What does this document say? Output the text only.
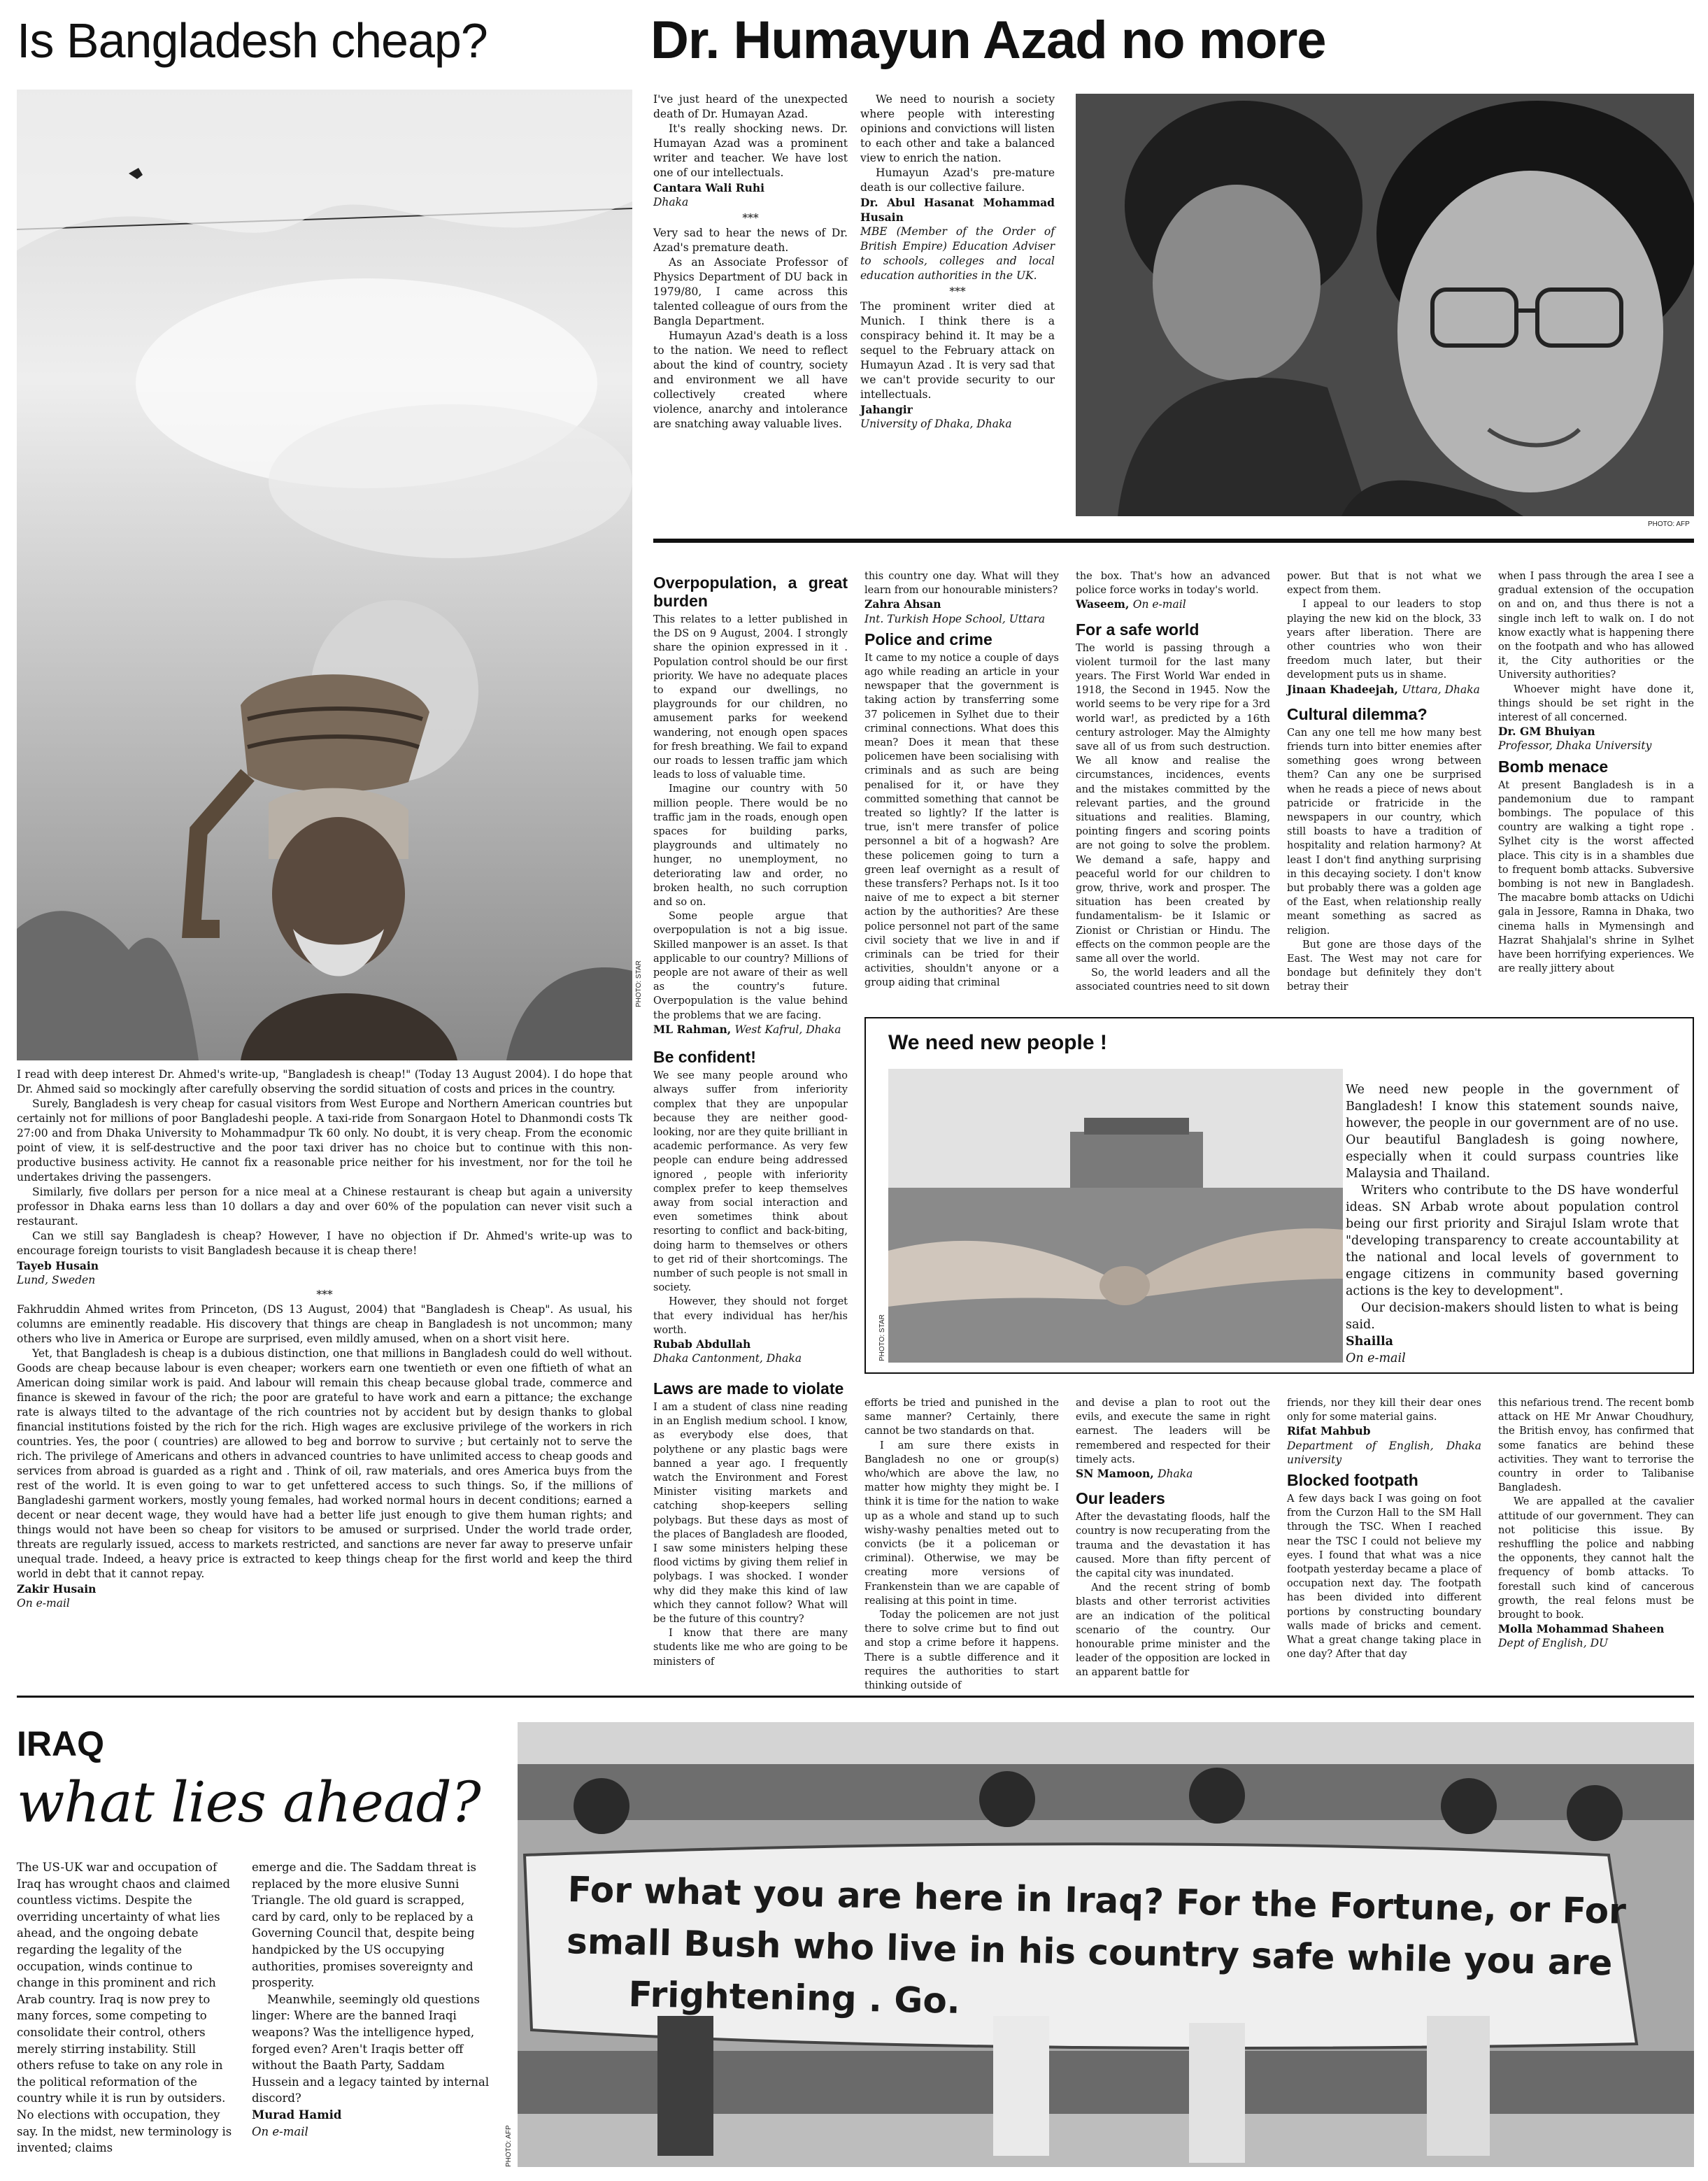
Is Bangladesh cheap?	Dr. Humayun Azad no more
PHOTO: STAR

I read with deep interest Dr. Ahmed's write-up, "Bangladesh is cheap!" (Today 13 August 2004). I do hope that Dr. Ahmed said so mockingly after carefully observing the sordid situation of costs and prices in the country.

Surely, Bangladesh is very cheap for casual visitors from West Europe and Northern American countries but certainly not for millions of poor Bangladeshi people. A taxi-ride from Sonargaon Hotel to Dhanmondi costs Tk 27:00 and from Dhaka University to Mohammadpur Tk 60 only. No doubt, it is very cheap. From the economic point of view, it is self-destructive and the poor taxi driver has no choice but to continue with this non-productive business activity. He cannot fix a reasonable price neither for his investment, nor for the toil he undertakes driving the passengers.

Similarly, five dollars per person for a nice meal at a Chinese restaurant is cheap but again a university professor in Dhaka earns less than 10 dollars a day and over 60% of the population can never visit such a restaurant.

Can we still say Bangladesh is cheap? However, I have no objection if Dr. Ahmed's write-up was to encourage foreign tourists to visit Bangladesh because it is cheap there!

Tayeb Husain

Lund, Sweden

***

Fakhruddin Ahmed writes from Princeton, (DS 13 August, 2004) that "Bangladesh is Cheap". As usual, his columns are eminently readable. His discovery that things are cheap in Bangladesh is not uncommon; many others who live in America or Europe are surprised, even mildly amused, when on a short visit here.

Yet, that Bangladesh is cheap is a dubious distinction, one that millions in Bangladesh could do well without. Goods are cheap because labour is even cheaper; workers earn one twentieth or even one fiftieth of what an American doing similar work is paid. And labour will remain this cheap because global trade, commerce and finance is skewed in favour of the rich; the poor are grateful to have work and earn a pittance; the exchange rate is always tilted to the advantage of the rich countries not by accident but by design thanks to global financial institutions foisted by the rich for the rich. High wages are exclusive privilege of the workers in rich countries. Yes, the poor ( countries) are allowed to beg and borrow to survive ; but certainly not to serve the rich. The privilege of Americans and others in advanced countries to have unlimited access to cheap goods and services from abroad is guarded as a right and . Think of oil, raw materials, and ores America buys from the rest of the world. It is even going to war to get unfettered access to such things. So, if the millions of Bangladeshi garment workers, mostly young females, had worked normal hours in decent conditions; earned a decent or near decent wage, they would have had a better life just enough to give them human rights; and things would not have been so cheap for visitors to be amused or surprised. Under the world trade order, threats are regularly issued, access to markets restricted, and sanctions are never far away to preserve unfair unequal trade. Indeed, a heavy price is extracted to keep things cheap for the first world and keep the third world in debt that it cannot repay.

Zakir Husain

On e-mail

I've just heard of the unexpected death of Dr. Humayan Azad.

It's really shocking news. Dr. Humayan Azad was a prominent writer and teacher. We have lost one of our intellectuals.

Cantara Wali Ruhi

Dhaka

***

Very sad to hear the news of Dr. Azad's premature death.

As an Associate Professor of Physics Department of DU back in 1979/80, I came across this talented colleague of ours from the Bangla Department.

Humayun Azad's death is a loss to the nation. We need to reflect about the kind of country, society and environment we all have collectively created where violence, anarchy and intolerance are snatching away valuable lives.

We need to nourish a society where people with interesting opinions and convictions will listen to each other and take a balanced view to enrich the nation.

Humayun Azad's pre-mature death is our collective failure.

Dr. Abul Hasanat Mohammad Husain

MBE (Member of the Order of British Empire) Education Adviser to schools, colleges and local education authorities in the UK.

***

The prominent writer died at Munich. I think there is a conspiracy behind it. It may be a sequel to the February attack on Humayun Azad . It is very sad that we can't provide security to our intellectuals.

Jahangir

University of Dhaka, Dhaka

PHOTO: AFP
Overpopulation, a great burden

This relates to a letter published in the DS on 9 August, 2004. I strongly share the opinion expressed in it . Population control should be our first priority. We have no adequate places to expand our dwellings, no playgrounds for our children, no amusement parks for weekend wandering, not enough open spaces for fresh breathing. We fail to expand our roads to lessen traffic jam which leads to loss of valuable time.

Imagine our country with 50 million people. There would be no traffic jam in the roads, enough open spaces for building parks, playgrounds and ultimately no hunger, no unemployment, no deteriorating law and order, no broken health, no such corruption and so on.

Some people argue that overpopulation is not a big issue. Skilled manpower is an asset. Is that applicable to our country? Millions of people are not aware of their as well as the country's future. Overpopulation is the value behind the problems that we are facing.

ML Rahman, West Kafrul, Dhaka

Be confident!

We see many people around who always suffer from inferiority complex that they are unpopular because they are neither good-looking, nor are they quite brilliant in academic performance. As very few people can endure being addressed ignored , people with inferiority complex prefer to keep themselves away from social interaction and even sometimes think about resorting to conflict and back-biting, doing harm to themselves or others to get rid of their shortcomings. The number of such people is not small in society.

However, they should not forget that every individual has her/his worth.

Rubab Abdullah

Dhaka Cantonment, Dhaka

this country one day. What will they learn from our honourable ministers?

Zahra Ahsan

Int. Turkish Hope School, Uttara

Police and crime

It came to my notice a couple of days ago while reading an article in your newspaper that the government is taking action by transferring some 37 policemen in Sylhet due to their criminal connections. What does this mean? Does it mean that these policemen have been socialising with criminals and as such are being penalised for it, or have they committed something that cannot be treated so lightly? If the latter is true, isn't mere transfer of police personnel a bit of a hogwash? Are these policemen going to turn a green leaf overnight as a result of these transfers? Perhaps not. Is it too naive of me to expect a bit sterner action by the authorities? Are these police personnel not part of the same civil society that we live in and if criminals can be tried for their activities, shouldn't anyone or a group aiding that criminal

the box. That's how an advanced police force works in today's world.

Waseem, On e-mail

For a safe world

The world is passing through a violent turmoil for the last many years. The First World War ended in 1918, the Second in 1945. Now the world seems to be very ripe for a 3rd world war!, as predicted by a 16th century astrologer. May the Almighty save all of us from such destruction. We all know and realise the circumstances, incidences, events and the mistakes committed by the relevant parties, and the ground situations and realities. Blaming, pointing fingers and scoring points are not going to solve the problem. We demand a safe, happy and peaceful world for our children to grow, thrive, work and prosper. The situation has been created by fundamentalism- be it Islamic or Zionist or Christian or Hindu. The effects on the common people are the same all over the world.

So, the world leaders and all the associated countries need to sit down

power. But that is not what we expect from them.

I appeal to our leaders to stop playing the new kid on the block, 33 years after liberation. There are other countries who won their freedom much later, but their development puts us in shame.

Jinaan Khadeejah, Uttara, Dhaka

Cultural dilemma?

Can any one tell me how many best friends turn into bitter enemies after something goes wrong between them? Can any one be surprised when he reads a piece of news about patricide or fratricide in the newspapers in our country, which still boasts to have a tradition of hospitality and relation harmony? At least I don't find anything surprising in this decaying society. I don't know but probably there was a golden age of the East, when relationship really meant something as sacred as religion.

But gone are those days of the East. The West may not care for bondage but definitely they don't betray their

when I pass through the area I see a gradual extension of the occupation on and on, and thus there is not a single inch left to walk on. I do not know exactly what is happening there on the footpath and who has allowed it, the City authorities or the University authorities?

Whoever might have done it, things should be set right in the interest of all concerned.

Dr. GM Bhuiyan

Professor, Dhaka University

Bomb menace

At present Bangladesh is in a pandemonium due to rampant bombings. The populace of this country are walking a tight rope . Sylhet city is the worst affected place. This city is in a shambles due to frequent bomb attacks. Subversive bombing is not new in Bangladesh. The macabre bomb attacks on Udichi gala in Jessore, Ramna in Dhaka, two cinema halls in Mymensingh and Hazrat Shahjalal's shrine in Sylhet have been horrifying experiences. We are really jittery about

We need new people !
PHOTO: STAR

We need new people in the government of Bangladesh! I know this statement sounds naive, however, the people in our government are of no use. Our beautiful Bangladesh is going nowhere, especially when it could surpass countries like Malaysia and Thailand.

Writers who contribute to the DS have wonderful ideas. SN Arbab wrote about population control being our first priority and Sirajul Islam wrote that "developing transparency to create accountability at the national and local levels of government to engage citizens in community based governing actions is the key to development".

Our decision-makers should listen to what is being said.

Shailla

On e-mail

Laws are made to violate

I am a student of class nine reading in an English medium school. I know, as everybody else does, that polythene or any plastic bags were banned a year ago. I frequently watch the Environment and Forest Minister visiting markets and catching shop-keepers selling polybags. But these days as most of the places of Bangladesh are flooded, I saw some ministers helping these flood victims by giving them relief in polybags. I was shocked. I wonder why did they make this kind of law which they cannot follow? What will be the future of this country?

I know that there are many students like me who are going to be ministers of

efforts be tried and punished in the same manner? Certainly, there cannot be two standards on that.

I am sure there exists in Bangladesh no one or group(s) who/which are above the law, no matter how mighty they might be. I think it is time for the nation to wake up as a whole and stand up to such wishy-washy penalties meted out to convicts (be it a policeman or criminal). Otherwise, we may be creating more versions of Frankenstein than we are capable of realising at this point in time.

Today the policemen are not just there to solve crime but to find out and stop a crime before it happens. There is a subtle difference and it requires the authorities to start thinking outside of

and devise a plan to root out the evils, and execute the same in right earnest. The leaders will be remembered and respected for their timely acts.

SN Mamoon, Dhaka

Our leaders

After the devastating floods, half the country is now recuperating from the trauma and the devastation it has caused. More than fifty percent of the capital city was inundated.

And the recent string of bomb blasts and other terrorist activities are an indication of the political scenario of the country. Our honourable prime minister and the leader of the opposition are locked in an apparent battle for

friends, nor they kill their dear ones only for some material gains.

Rifat Mahbub

Department of English, Dhaka university

Blocked footpath

A few days back I was going on foot from the Curzon Hall to the SM Hall through the TSC. When I reached near the TSC I could not believe my eyes. I found that what was a nice footpath yesterday became a place of occupation next day. The footpath has been divided into different portions by constructing boundary walls made of bricks and cement. What a great change taking place in one day? After that day

this nefarious trend. The recent bomb attack on HE Mr Anwar Choudhury, the British envoy, has confirmed that some fanatics are behind these activities. They want to terrorise the country in order to Talibanise Bangladesh.

We are appalled at the cavalier attitude of our government. They can not politicise this issue. By reshuffling the police and nabbing the opponents, they cannot halt the frequency of bomb attacks. To forestall such kind of cancerous growth, the real felons must be brought to book.

Molla Mohammad Shaheen

Dept of English, DU

IRAQ
what lies ahead?

The US-UK war and occupation of Iraq has wrought chaos and claimed countless victims. Despite the overriding uncertainty of what lies ahead, and the ongoing debate regarding the legality of the occupation, winds continue to change in this prominent and rich Arab country. Iraq is now prey to many forces, some competing to consolidate their control, others merely stirring instability. Still others refuse to take on any role in the political reformation of the country while it is run by outsiders. No elections with occupation, they say. In the midst, new terminology is invented; claims

emerge and die. The Saddam threat is replaced by the more elusive Sunni Triangle. The old guard is scrapped, card by card, only to be replaced by a Governing Council that, despite being handpicked by the US occupying authorities, promises sovereignty and prosperity.

Meanwhile, seemingly old questions linger: Where are the banned Iraqi weapons? Was the intelligence hyped, forged even? Aren't Iraqis better off without the Baath Party, Saddam Hussein and a legacy tainted by internal discord?

Murad Hamid

On e-mail

For what you are here in Iraq? For the Fortune, or For
small Bush who live in his country safe while you are
Frightening . Go.
PHOTO: AFP
